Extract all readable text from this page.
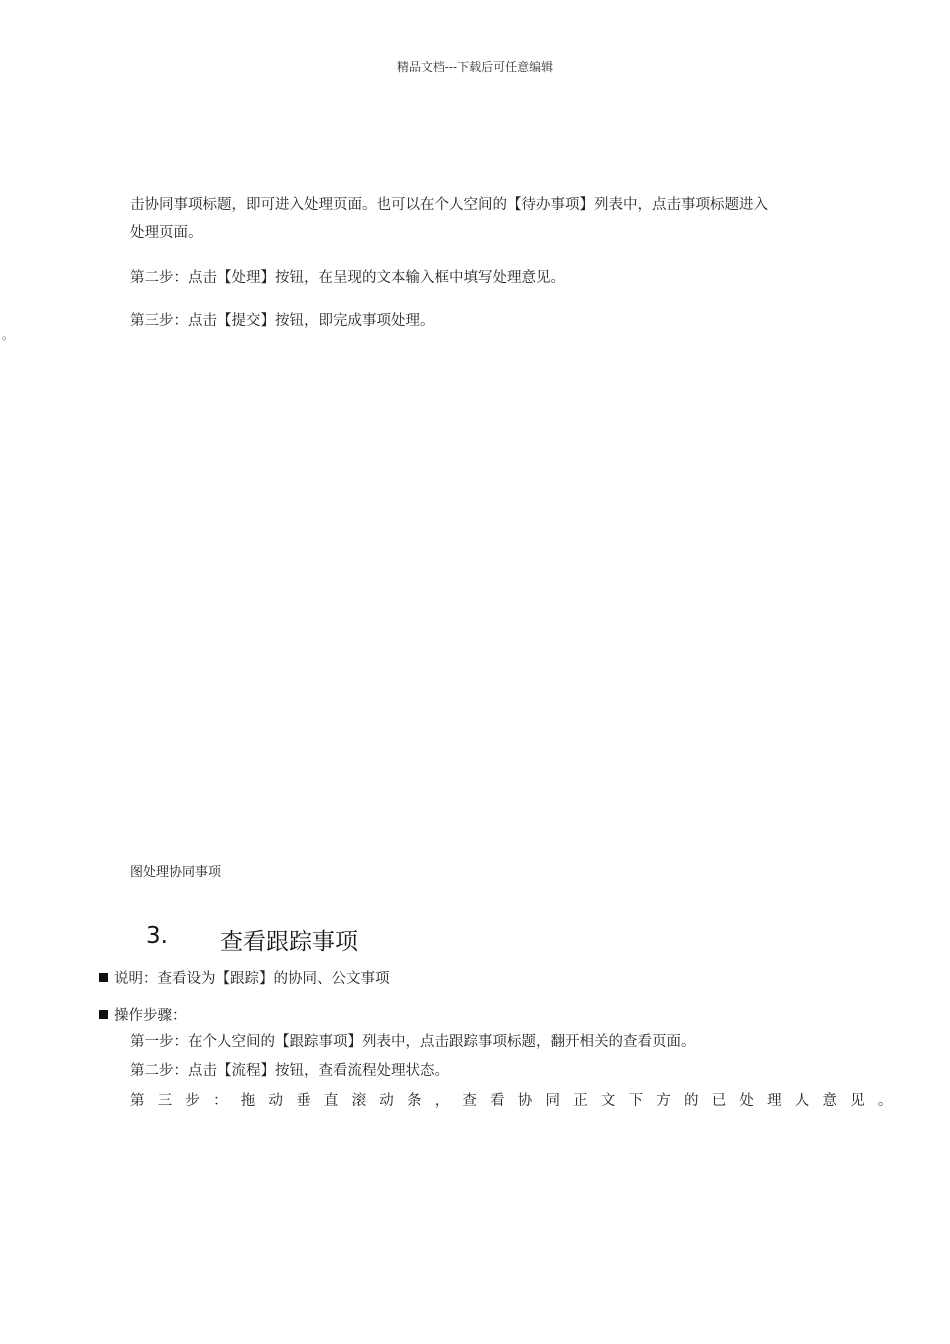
精品文档---下载后可任意编辑
击协同事项标题，即可进入处理页面。也可以在个人空间的【待办事项】列表中，点击事项标题进入
处理页面。
第二步：点击【处理】按钮，在呈现的文本输入框中填写处理意见。
第三步：点击【提交】按钮，即完成事项处理。
。
图处理协同事项
3. 查看跟踪事项
说明：查看设为【跟踪】的协同、公文事项
操作步骤：
第一步：在个人空间的【跟踪事项】列表中，点击跟踪事项标题，翻开相关的查看页面。
第二步：点击【流程】按钮，查看流程处理状态。
第三步：拖动垂直滚动条，查看协同正文下方的已处理人意见。
